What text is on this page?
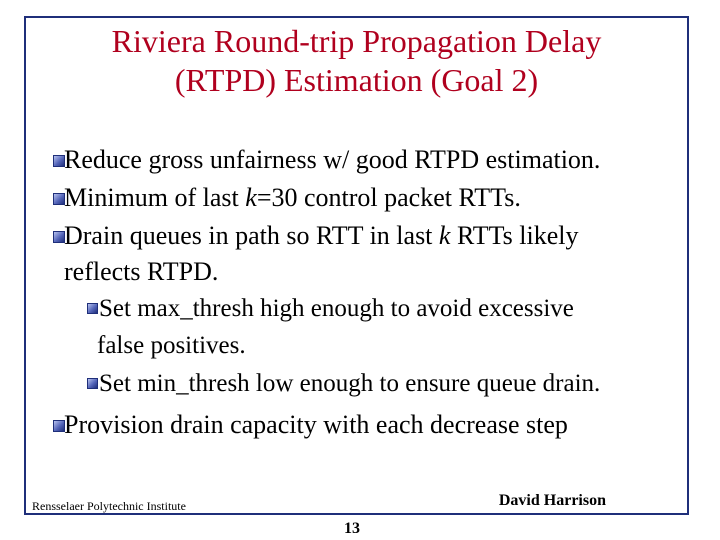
Riviera Round-trip Propagation Delay
(RTPD) Estimation (Goal 2)
Reduce gross unfairness w/ good RTPD estimation.
Minimum of last k=30 control packet RTTs.
Drain queues in path so RTT in last k RTTs likely
reflects RTPD.
Set max_thresh high enough to avoid excessive
false positives.
Set min_thresh low enough to ensure queue drain.
Provision drain capacity with each decrease step
Rensselaer Polytechnic Institute	David Harrison
13
